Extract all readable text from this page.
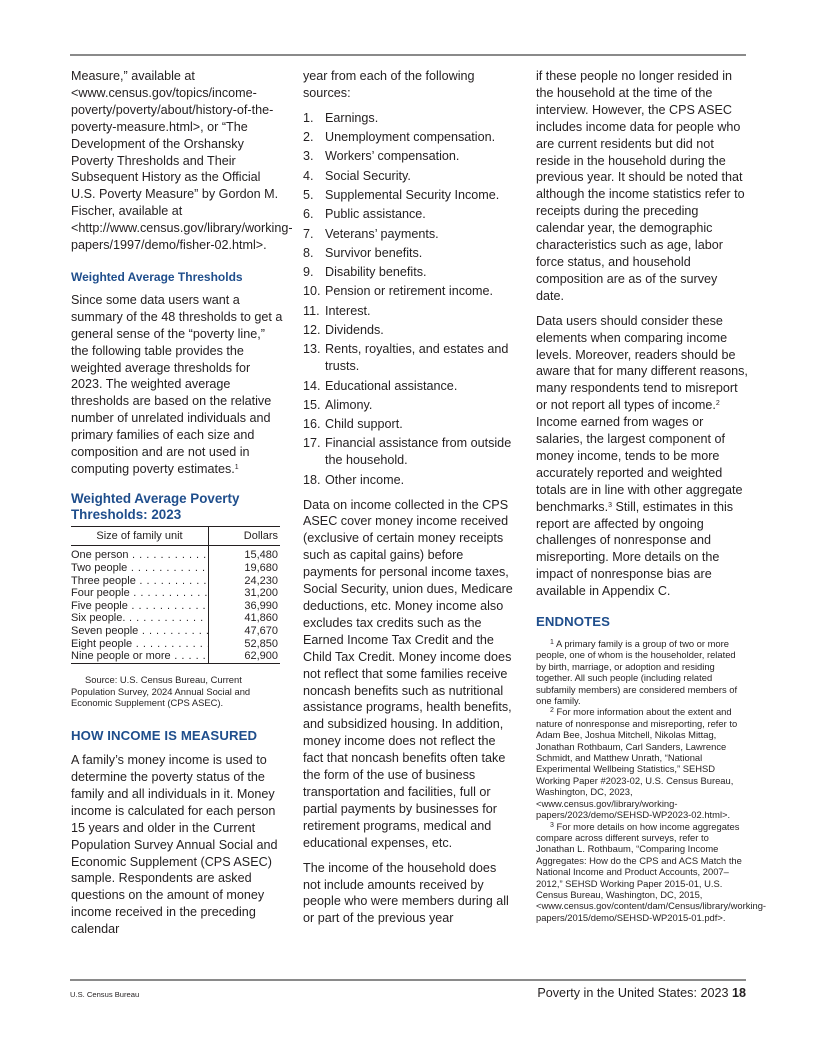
Measure,” available at <www.census.gov/topics/income-poverty/poverty/about/history-of-the-poverty-measure.html>, or “The Development of the Orshansky Poverty Thresholds and Their Subsequent History as the Official U.S. Poverty Measure” by Gordon M. Fischer, available at <http://www.census.gov/library/working-papers/1997/demo/fisher-02.html>.

Weighted Average Thresholds

Since some data users want a summary of the 48 thresholds to get a general sense of the “poverty line,” the following table provides the weighted average thresholds for 2023. The weighted average thresholds are based on the relative number of unrelated individuals and primary families of each size and composition and are not used in computing poverty estimates.$^1$

Weighted Average Poverty Thresholds: 2023
Size of family unit	Dollars
One person . . .	15,480
Two people . . .	19,680
Three people . . .	24,230
Four people . . .	31,200
Five people . . .	36,990
Six people. . . .	41,860
Seven people . . .	47,670
Eight people . . .	52,850
Nine people or more . . .	62,900

Source: U.S. Census Bureau, Current Population Survey, 2024 Annual Social and Economic Supplement (CPS ASEC).

HOW INCOME IS MEASURED

A family’s money income is used to determine the poverty status of the family and all individuals in it. Money income is calculated for each person 15 years and older in the Current Population Survey Annual Social and Economic Supplement (CPS ASEC) sample. Respondents are asked questions on the amount of money income received in the preceding calendar

year from each of the following sources:

1. Earnings.
2. Unemployment compensation.
3. Workers’ compensation.
4. Social Security.
5. Supplemental Security Income.
6. Public assistance.
7. Veterans’ payments.
8. Survivor benefits.
9. Disability benefits.
10. Pension or retirement income.
11. Interest.
12. Dividends.
13. Rents, royalties, and estates and trusts.
14. Educational assistance.
15. Alimony.
16. Child support.
17. Financial assistance from outside the household.
18. Other income.

Data on income collected in the CPS ASEC cover money income received (exclusive of certain money receipts such as capital gains) before payments for personal income taxes, Social Security, union dues, Medicare deductions, etc. Money income also excludes tax credits such as the Earned Income Tax Credit and the Child Tax Credit. Money income does not reflect that some families receive noncash benefits such as nutritional assistance programs, health benefits, and subsidized housing. In addition, money income does not reflect the fact that noncash benefits often take the form of the use of business transportation and facilities, full or partial payments by businesses for retirement programs, medical and educational expenses, etc.

The income of the household does not include amounts received by people who were members during all or part of the previous year

if these people no longer resided in the household at the time of the interview. However, the CPS ASEC includes income data for people who are current residents but did not reside in the household during the previous year. It should be noted that although the income statistics refer to receipts during the preceding calendar year, the demographic characteristics such as age, labor force status, and household composition are as of the survey date.

Data users should consider these elements when comparing income levels. Moreover, readers should be aware that for many different reasons, many respondents tend to misreport or not report all types of income.$^2$ Income earned from wages or salaries, the largest component of money income, tends to be more accurately reported and weighted totals are in line with other aggregate benchmarks.$^3$ Still, estimates in this report are affected by ongoing challenges of nonresponse and misreporting. More details on the impact of nonresponse bias are available in Appendix C.

ENDNOTES

$^1$ A primary family is a group of two or more people, one of whom is the householder, related by birth, marriage, or adoption and residing together. All such people (including related subfamily members) are considered members of one family.

$^2$ For more information about the extent and nature of nonresponse and misreporting, refer to Adam Bee, Joshua Mitchell, Nikolas Mittag, Jonathan Rothbaum, Carl Sanders, Lawrence Schmidt, and Matthew Unrath, “National Experimental Wellbeing Statistics,” SEHSD Working Paper #2023-02, U.S. Census Bureau, Washington, DC, 2023, <www.census.gov/library/working-papers/2023/demo/SEHSD-WP2023-02.html>.

$^3$ For more details on how income aggregates compare across different surveys, refer to Jonathan L. Rothbaum, “Comparing Income Aggregates: How do the CPS and ACS Match the National Income and Product Accounts, 2007–2012,” SEHSD Working Paper 2015-01, U.S. Census Bureau, Washington, DC, 2015, <www.census.gov/content/dam/Census/library/working-papers/2015/demo/SEHSD-WP2015-01.pdf>.

U.S. Census Bureau	Poverty in the United States: 2023 18
